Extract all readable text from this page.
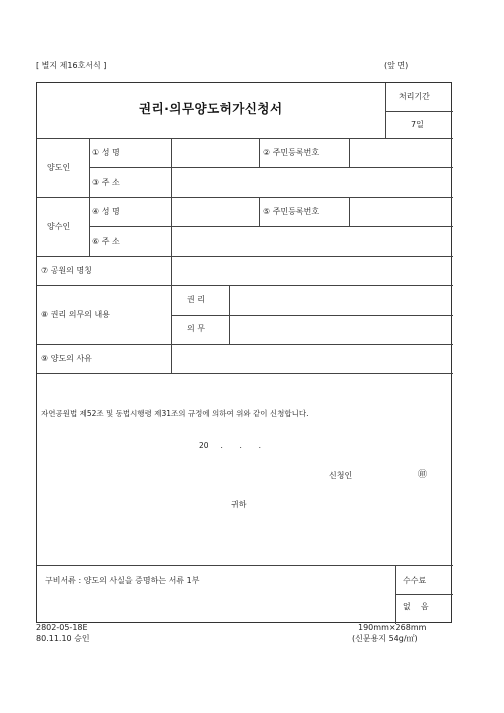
[ 별지 제16호서식 ]	(앞 면)
권리·의무양도허가신청서
처리기간
7일
양도인
① 성 명	② 주민등록번호
③ 주 소
양수인
④ 성 명	⑤ 주민등록번호
⑥ 주 소
⑦ 공원의 명칭
⑧ 권리 의무의 내용
권 리
의 무
⑨ 양도의 사유
자연공원법 제52조 및 동법시행령 제31조의 규정에 의하여 위와 같이 신청합니다.
20     .       .       .
신청인	㊞
귀하
구비서류 : 양도의 사실을 증명하는 서류 1부	수수료
없    음
2802-05-18E
80.11.10 승인
190mm×268mm
(신문용지 54g/㎡)
